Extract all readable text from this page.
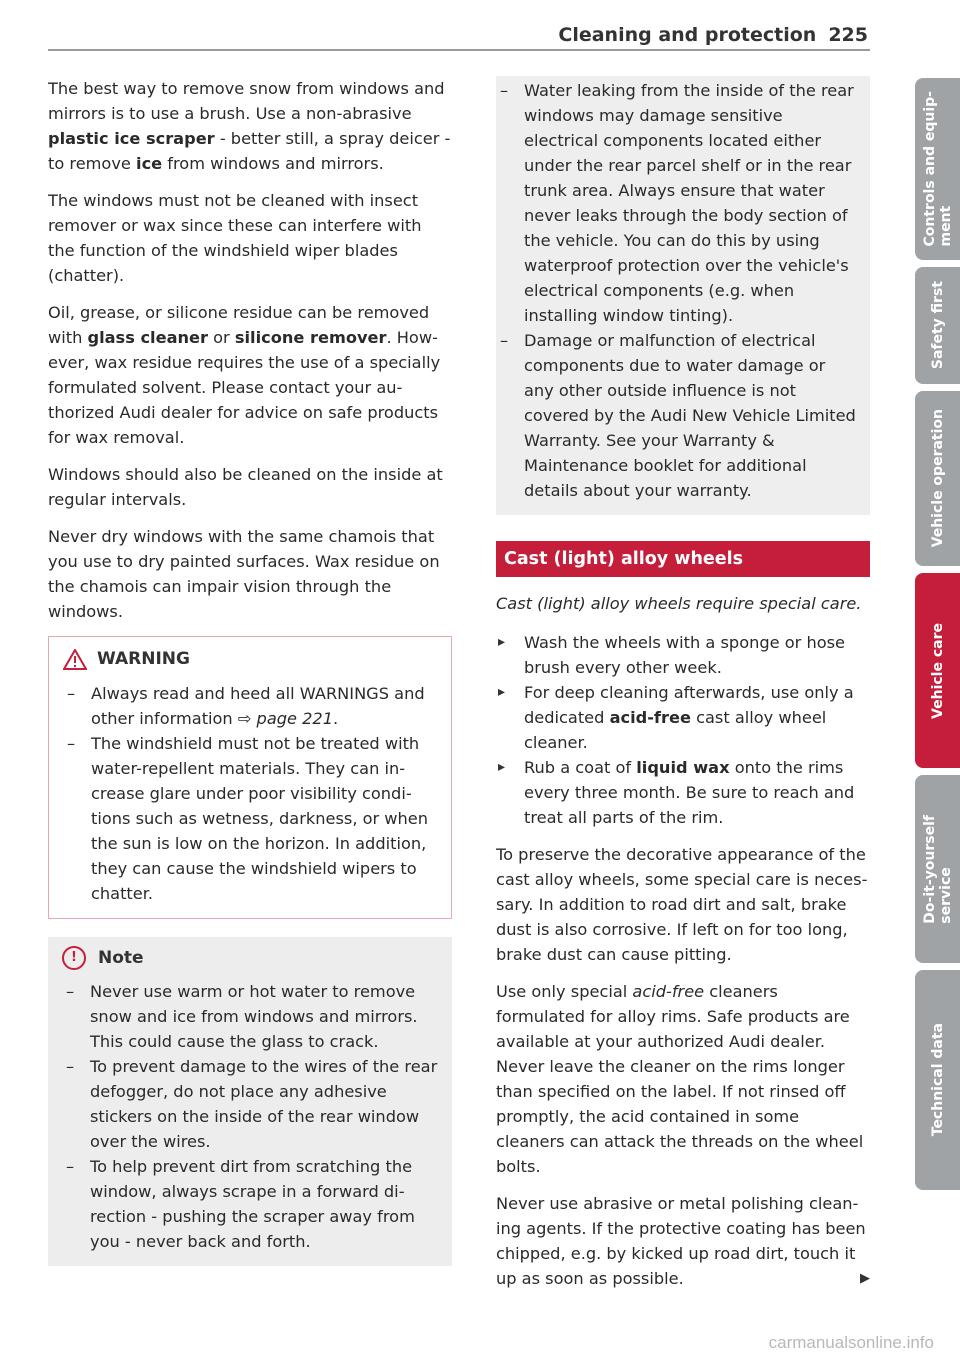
Cleaning and protection 225

The best way to remove snow from windows and mirrors is to use a brush. Use a non-abrasive plastic ice scraper - better still, a spray deicer - to remove ice from windows and mirrors.

The windows must not be cleaned with insect remover or wax since these can interfere with the function of the windshield wiper blades (chatter).

Oil, grease, or silicone residue can be removed with glass cleaner or silicone remover. However, wax residue requires the use of a specially formulated solvent. Please contact your authorized Audi dealer for advice on safe products for wax removal.

Windows should also be cleaned on the inside at regular intervals.

Never dry windows with the same chamois that you use to dry painted surfaces. Wax residue on the chamois can impair vision through the windows.

WARNING
– Always read and heed all WARNINGS and other information ⇨ page 221.
– The windshield must not be treated with water-repellent materials. They can increase glare under poor visibility conditions such as wetness, darkness, or when the sun is low on the horizon. In addition, they can cause the windshield wipers to chatter.
!	Note
– Never use warm or hot water to remove snow and ice from windows and mirrors. This could cause the glass to crack.
– To prevent damage to the wires of the rear defogger, do not place any adhesive stickers on the inside of the rear window over the wires.
– To help prevent dirt from scratching the window, always scrape in a forward direction - pushing the scraper away from you - never back and forth.
– Water leaking from the inside of the rear windows may damage sensitive electrical components located either under the rear parcel shelf or in the rear trunk area. Always ensure that water never leaks through the body section of the vehicle. You can do this by using waterproof protection over the vehicle's electrical components (e.g. when installing window tinting).
– Damage or malfunction of electrical components due to water damage or any other outside influence is not covered by the Audi New Vehicle Limited Warranty. See your Warranty & Maintenance booklet for additional details about your warranty.
Cast (light) alloy wheels

Cast (light) alloy wheels require special care.

▸ Wash the wheels with a sponge or hose brush every other week.
▸ For deep cleaning afterwards, use only a dedicated acid-free cast alloy wheel cleaner.
▸ Rub a coat of liquid wax onto the rims every three month. Be sure to reach and treat all parts of the rim.

To preserve the decorative appearance of the cast alloy wheels, some special care is necessary. In addition to road dirt and salt, brake dust is also corrosive. If left on for too long, brake dust can cause pitting.

Use only special acid-free cleaners formulated for alloy rims. Safe products are available at your authorized Audi dealer. Never leave the cleaner on the rims longer than specified on the label. If not rinsed off promptly, the acid contained in some cleaners can attack the threads on the wheel bolts.

Never use abrasive or metal polishing cleaning agents. If the protective coating has been chipped, e.g. by kicked up road dirt, touch it up as soon as possible.	▶

Controls and equip-
ment
Safety first
Vehicle operation
Vehicle care
Do-it-yourself
service
Technical data
carmanualsonline.info
